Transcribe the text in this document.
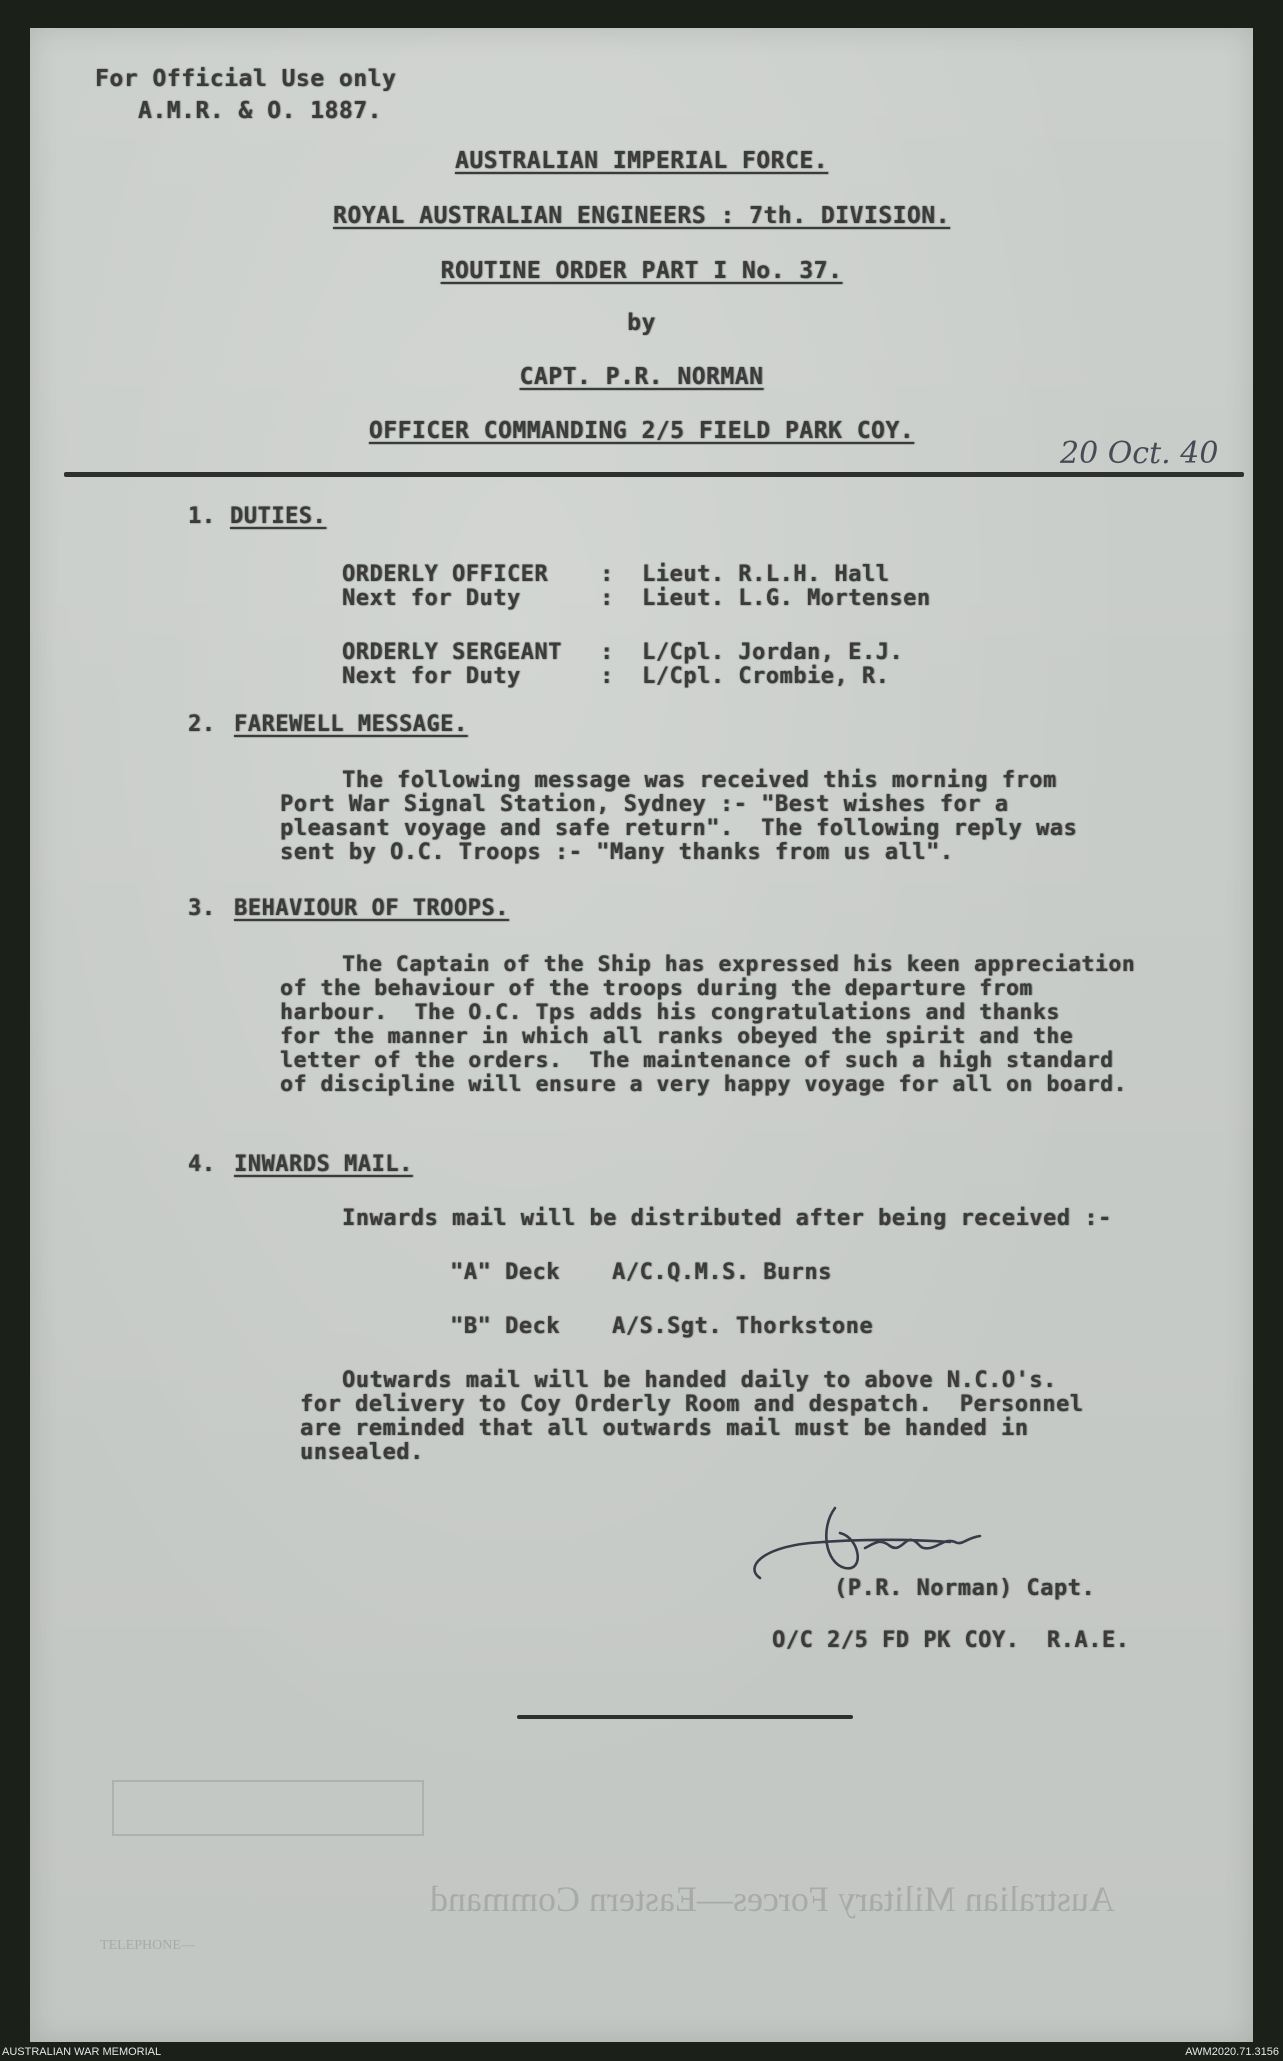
For Official Use only
A.M.R. & O. 1887.
AUSTRALIAN IMPERIAL FORCE.
ROYAL AUSTRALIAN ENGINEERS : 7th. DIVISION.
ROUTINE ORDER PART I No. 37.
by
CAPT. P.R. NORMAN
OFFICER COMMANDING 2/5 FIELD PARK COY.
20 Oct. 40
1. DUTIES.
ORDERLY OFFICER : Lieut. R.L.H. Hall
Next for Duty	: Lieut. L.G. Mortensen
ORDERLY SERGEANT : L/Cpl. Jordan, E.J.
Next for Duty	: L/Cpl. Crombie, R.
2. FAREWELL MESSAGE.
The following message was received this morning from
Port War Signal Station, Sydney :- "Best wishes for a
pleasant voyage and safe return".  The following reply was
sent by O.C. Troops :- "Many thanks from us all".
3. BEHAVIOUR OF TROOPS.
The Captain of the Ship has expressed his keen appreciation
of the behaviour of the troops during the departure from
harbour.  The O.C. Tps adds his congratulations and thanks
for the manner in which all ranks obeyed the spirit and the
letter of the orders.  The maintenance of such a high standard
of discipline will ensure a very happy voyage for all on board.
4. INWARDS MAIL.
Inwards mail will be distributed after being received :-
"A" Deck A/C.Q.M.S. Burns
"B" Deck A/S.Sgt. Thorkstone
Outwards mail will be handed daily to above N.C.O's.
for delivery to Coy Orderly Room and despatch.  Personnel
are reminded that all outwards mail must be handed in
unsealed.
Norman
(P.R. Norman) Capt.
O/C 2/5 FD PK COY.  R.A.E.
Australian Military Forces—Eastern Command
TELEPHONE—
AUSTRALIAN WAR MEMORIAL	AWM2020.71.3156
